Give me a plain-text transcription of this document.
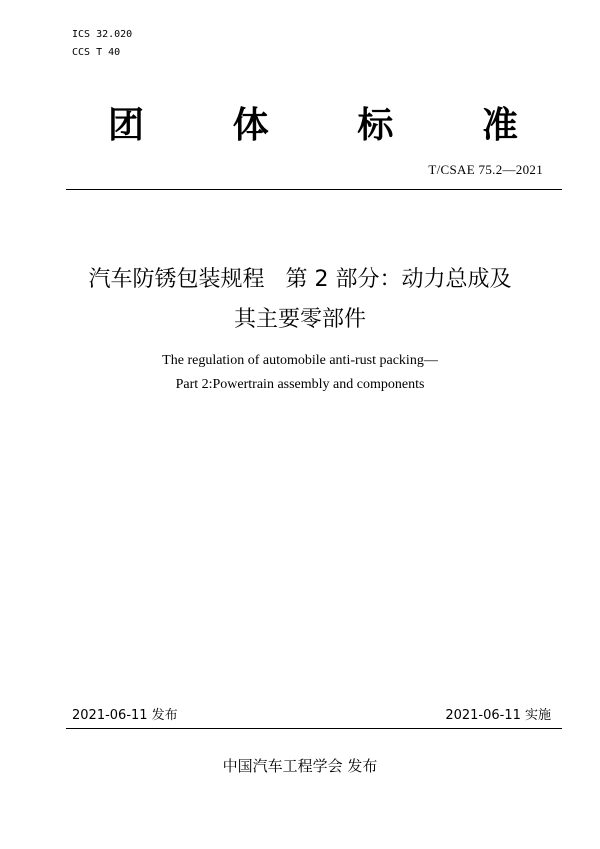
ICS 32.020
CCS T 40
团 体 标 准
T/CSAE 75.2—2021
汽车防锈包装规程   第 2 部分：动力总成及
其主要零部件
The regulation of automobile anti-rust packing—
Part 2:Powertrain assembly and components
2021-06-11 发布	2021-06-11 实施
中国汽车工程学会 发布
